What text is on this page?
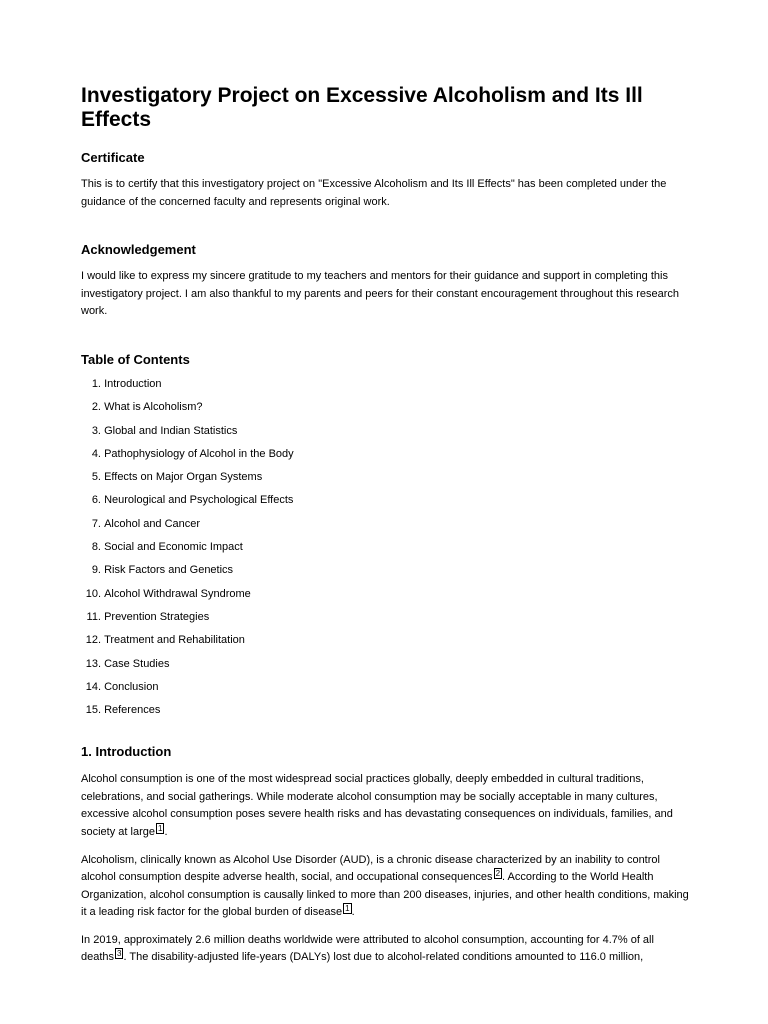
Investigatory Project on Excessive Alcoholism and Its Ill Effects
Certificate

This is to certify that this investigatory project on "Excessive Alcoholism and Its Ill Effects" has been completed under the guidance of the concerned faculty and represents original work.

Acknowledgement

I would like to express my sincere gratitude to my teachers and mentors for their guidance and support in completing this investigatory project. I am also thankful to my parents and peers for their constant encouragement throughout this research work.

Table of Contents
1.
Introduction
2.
What is Alcoholism?
3.
Global and Indian Statistics
4.
Pathophysiology of Alcohol in the Body
5.
Effects on Major Organ Systems
6.
Neurological and Psychological Effects
7.
Alcohol and Cancer
8.
Social and Economic Impact
9.
Risk Factors and Genetics
10.
Alcohol Withdrawal Syndrome
11.
Prevention Strategies
12.
Treatment and Rehabilitation
13.
Case Studies
14.
Conclusion
15.
References
1. Introduction

Alcohol consumption is one of the most widespread social practices globally, deeply embedded in cultural traditions, celebrations, and social gatherings. While moderate alcohol consumption may be socially acceptable in many cultures, excessive alcohol consumption poses severe health risks and has devastating consequences on individuals, families, and society at large $^1$ .

Alcoholism, clinically known as Alcohol Use Disorder (AUD), is a chronic disease characterized by an inability to control alcohol consumption despite adverse health, social, and occupational consequences $^2$ . According to the World Health Organization, alcohol consumption is causally linked to more than 200 diseases, injuries, and other health conditions, making it a leading risk factor for the global burden of disease $^1$ .

In 2019, approximately 2.6 million deaths worldwide were attributed to alcohol consumption, accounting for 4.7% of all deaths $^3$ . The disability-adjusted life-years (DALYs) lost due to alcohol-related conditions amounted to 116.0 million,
